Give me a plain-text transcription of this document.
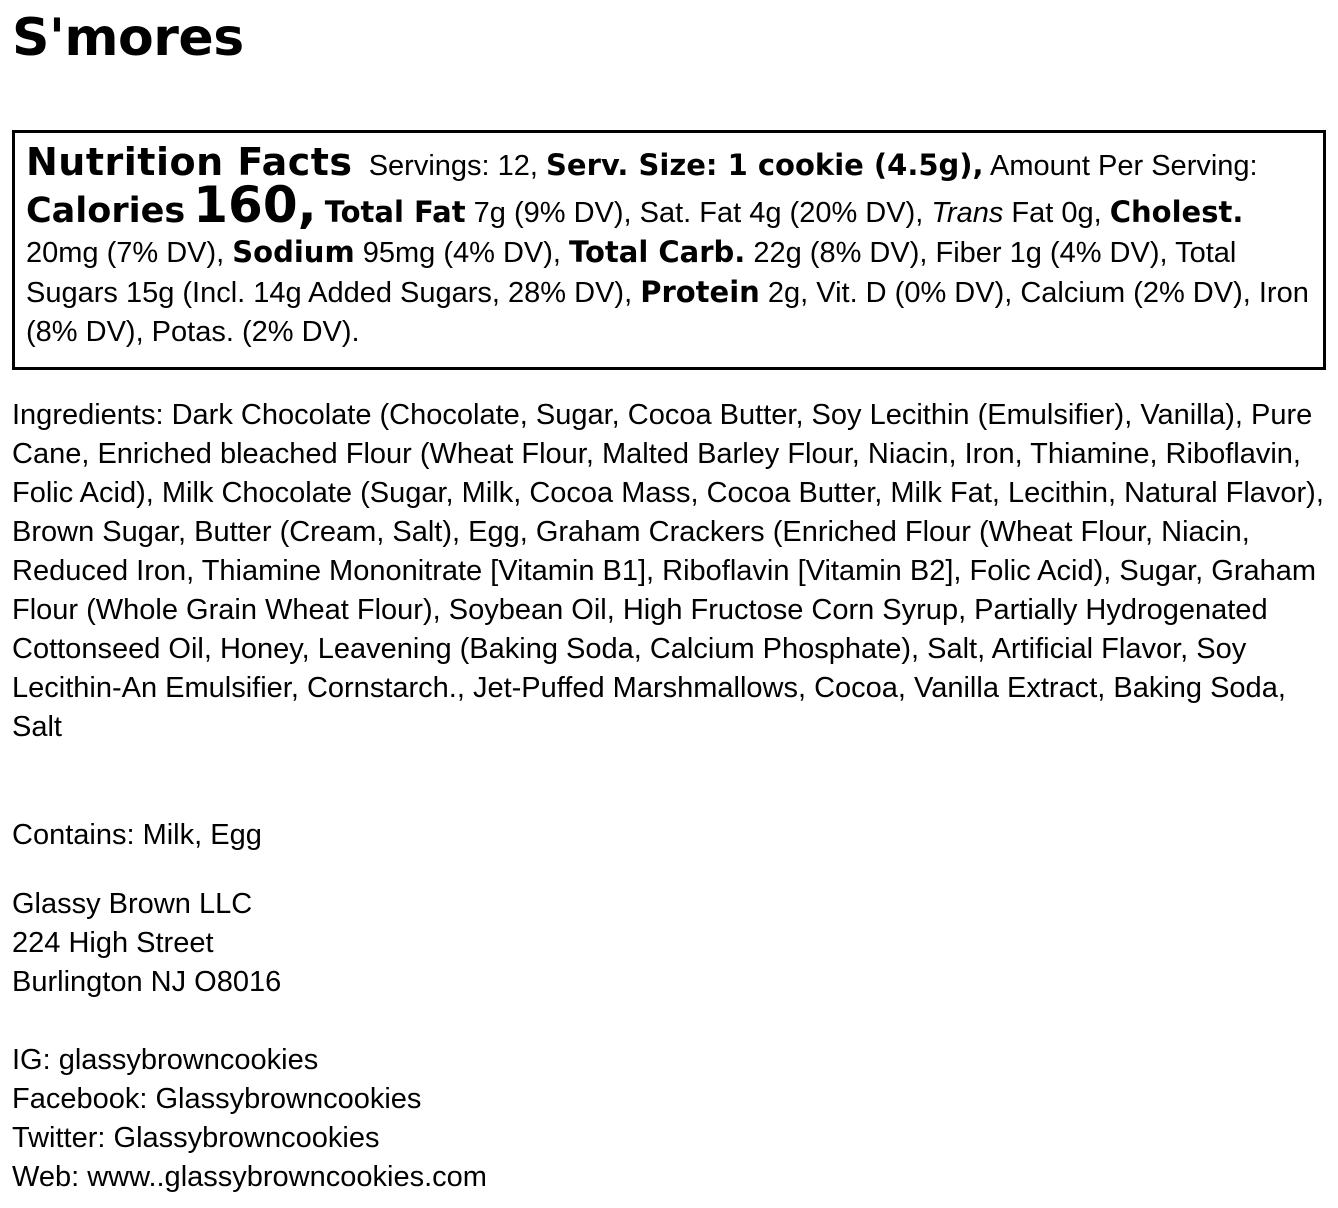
S'mores

Nutrition Facts Servings: 12, Serv. Size: 1 cookie (4.5g), Amount Per Serving: Calories 160, Total Fat 7g (9% DV), Sat. Fat 4g (20% DV), Trans Fat 0g, Cholest. 20mg (7% DV), Sodium 95mg (4% DV), Total Carb. 22g (8% DV), Fiber 1g (4% DV), Total Sugars 15g (Incl. 14g Added Sugars, 28% DV), Protein 2g, Vit. D (0% DV), Calcium (2% DV), Iron (8% DV), Potas. (2% DV).

Ingredients: Dark Chocolate (Chocolate, Sugar, Cocoa Butter, Soy Lecithin (Emulsifier), Vanilla), Pure Cane, Enriched bleached Flour (Wheat Flour, Malted Barley Flour, Niacin, Iron, Thiamine, Riboflavin, Folic Acid), Milk Chocolate (Sugar, Milk, Cocoa Mass, Cocoa Butter, Milk Fat, Lecithin, Natural Flavor), Brown Sugar, Butter (Cream, Salt), Egg, Graham Crackers (Enriched Flour (Wheat Flour, Niacin, Reduced Iron, Thiamine Mononitrate [Vitamin B1], Riboflavin [Vitamin B2], Folic Acid), Sugar, Graham Flour (Whole Grain Wheat Flour), Soybean Oil, High Fructose Corn Syrup, Partially Hydrogenated Cottonseed Oil, Honey, Leavening (Baking Soda, Calcium Phosphate), Salt, Artificial Flavor, Soy Lecithin-An Emulsifier, Cornstarch., Jet-Puffed Marshmallows, Cocoa, Vanilla Extract, Baking Soda, Salt

Contains: Milk, Egg

Glassy Brown LLC
224 High Street
Burlington NJ O8016
IG: glassybrowncookies
Facebook: Glassybrowncookies
Twitter: Glassybrowncookies
Web: www..glassybrowncookies.com
